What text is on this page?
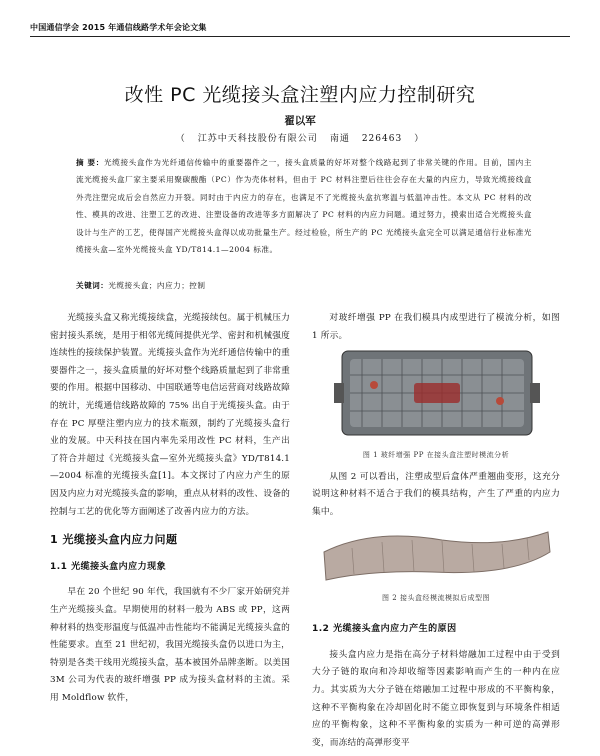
中国通信学会 2015 年通信线路学术年会论文集
改性 PC 光缆接头盒注塑内应力控制研究
翟以军
（ 江苏中天科技股份有限公司 南通 226463 ）
摘 要：光缆接头盒作为光纤通信传输中的重要器件之一，接头盒质量的好坏对整个线路起到了非常关键的作用。目前，国内主流光缆接头盒厂家主要采用聚碳酸酯（PC）作为壳体材料，但由于 PC 材料注塑后往往会存在大量的内应力，导致光缆接线盒外壳注塑完成后会自然应力开裂。同时由于内应力的存在，也满足不了光缆接头盒抗寒温与低温冲击性。本文从 PC 材料的改性、模具的改进、注塑工艺的改进、注塑设备的改进等多方面解决了 PC 材料的内应力问题。通过努力，摸索出适合光缆接头盒设计与生产的工艺，使得国产光缆接头盒得以成功批量生产。经过检验，所生产的 PC 光缆接头盒完全可以满足通信行业标准光缆接头盒—室外光缆接头盒 YD/T814.1—2004 标准。
关键词：光缆接头盒；内应力；控制

光缆接头盒又称光缆接续盒，光缆接续包。属于机械压力密封接头系统，是用于相邻光缆间提供光学、密封和机械强度连续性的接续保护装置。光缆接头盒作为光纤通信传输中的重要器件之一，接头盒质量的好坏对整个线路质量起到了非常重要的作用。根据中国移动、中国联通等电信运营商对线路故障的统计，光缆通信线路故障的 75% 出自于光缆接头盒。由于存在 PC 厚壁注塑内应力的技术瓶颈，制约了光缆接头盒行业的发展。中天科技在国内率先采用改性 PC 材料，生产出了符合并超过《光缆接头盒—室外光缆接头盒》YD/T814.1—2004 标准的光缆接头盒[1]。本文探讨了内应力产生的原因及内应力对光缆接头盒的影响，重点从材料的改性、设备的控制与工艺的优化等方面阐述了改善内应力的方法。

1 光缆接头盒内应力问题
1.1 光缆接头盒内应力现象

早在 20 个世纪 90 年代，我国就有不少厂家开始研究并生产光缆接头盒。早期使用的材料一般为 ABS 或 PP，这两种材料的热变形温度与低温冲击性能均不能满足光缆接头盒的性能要求。直至 21 世纪初，我国光缆接头盒仍以进口为主，特别是各类干线用光缆接头盒，基本被国外品牌垄断。以美国 3M 公司为代表的玻纤增强 PP 成为接头盒材料的主流。采用 Moldflow 软件，

对玻纤增强 PP 在我们模具内成型进行了模流分析，如图 1 所示。

图 1 玻纤增强 PP 在接头盒注塑时模流分析

从图 2 可以看出，注塑成型后盒体严重翘曲变形，这充分说明这种材料不适合于我们的模具结构，产生了严重的内应力集中。

图 2 接头盒经模流模拟后成型图
1.2 光缆接头盒内应力产生的原因

接头盒内应力是指在高分子材料熔融加工过程中由于受到大分子链的取向和冷却收缩等因素影响而产生的一种内在应力。其实质为大分子链在熔融加工过程中形成的不平衡构象，这种不平衡构象在冷却固化时不能立即恢复到与环境条件相适应的平衡构象，这种不平衡构象的实质为一种可逆的高弹形变，而冻结的高弹形变平
